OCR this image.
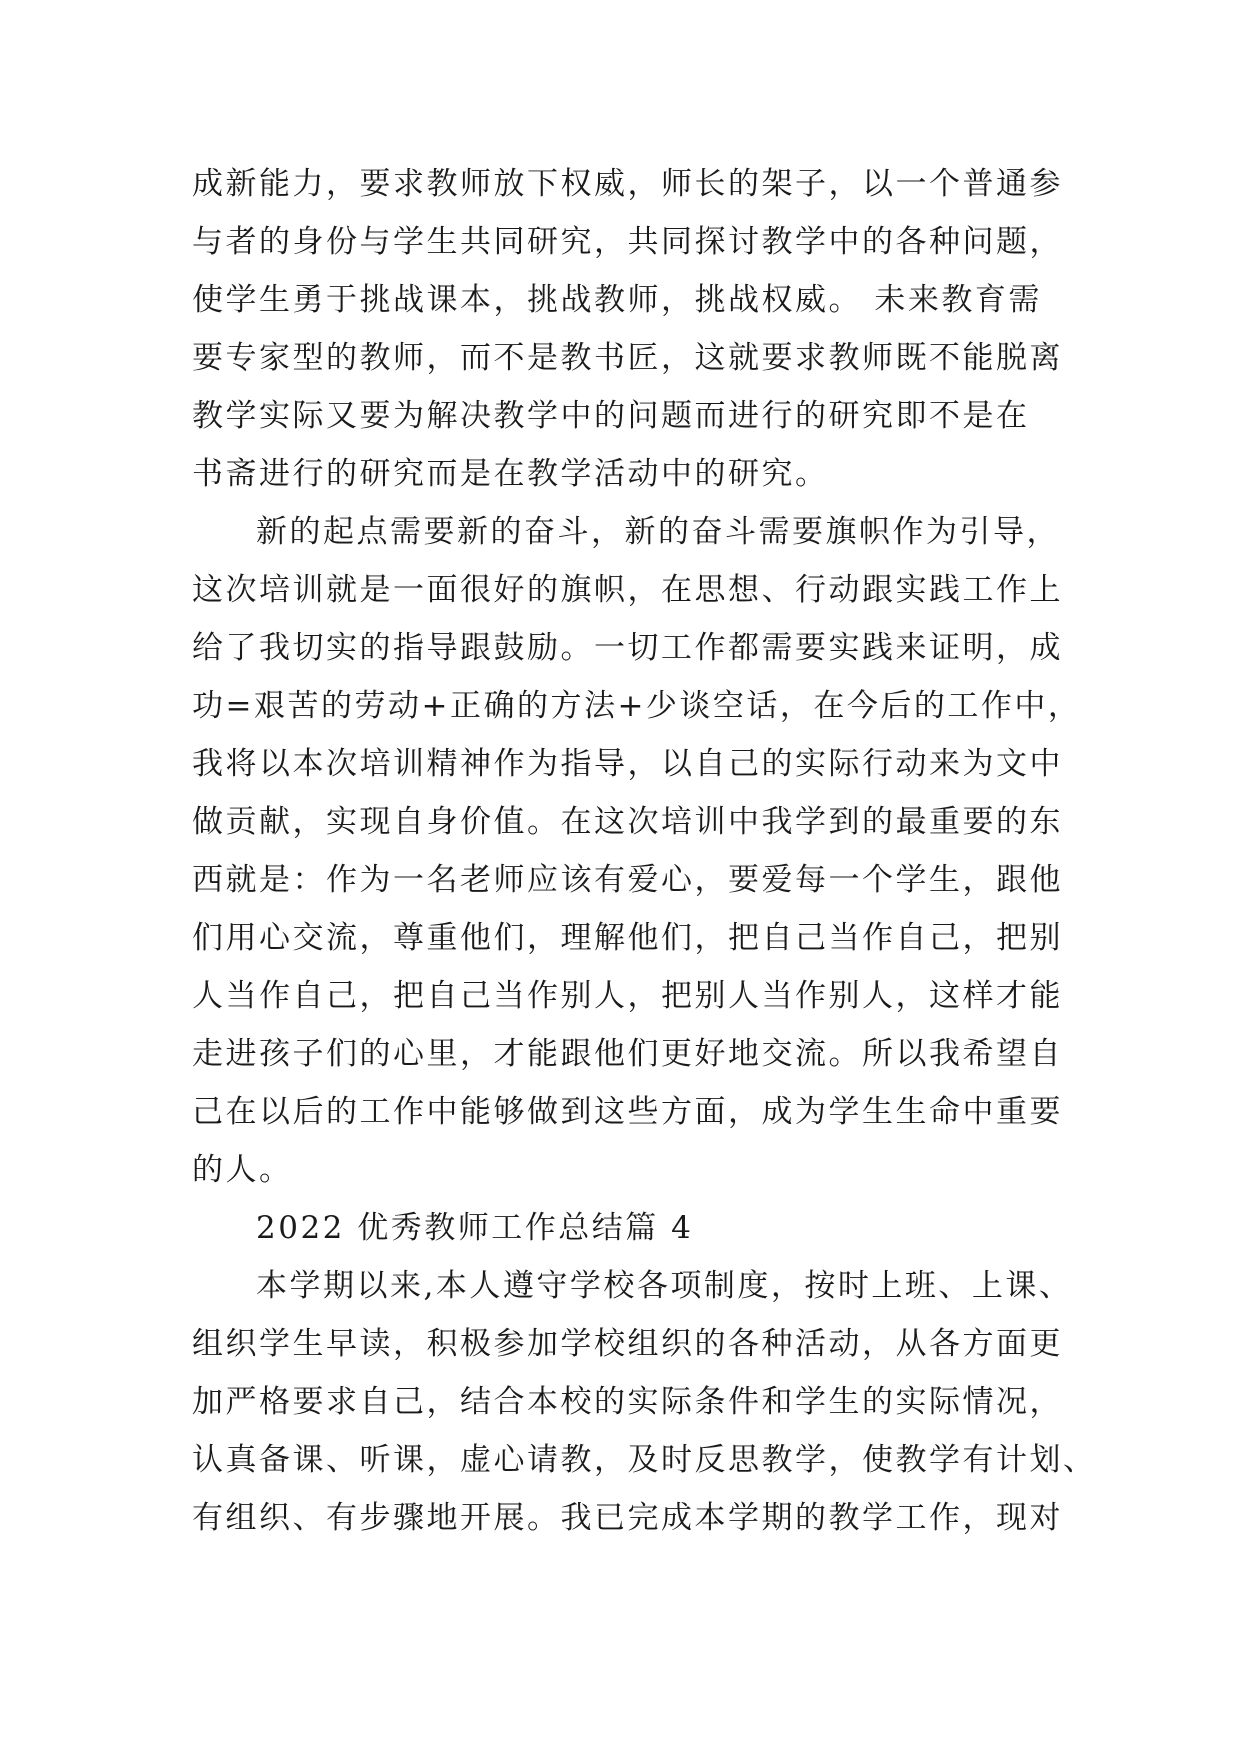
成新能力，要求教师放下权威，师长的架子，以一个普通参
与者的身份与学生共同研究，共同探讨教学中的各种问题，
使学生勇于挑战课本，挑战教师，挑战权威。 未来教育需
要专家型的教师，而不是教书匠，这就要求教师既不能脱离
教学实际又要为解决教学中的问题而进行的研究即不是在
书斋进行的研究而是在教学活动中的研究。
新的起点需要新的奋斗，新的奋斗需要旗帜作为引导，
这次培训就是一面很好的旗帜，在思想、行动跟实践工作上
给了我切实的指导跟鼓励。一切工作都需要实践来证明，成
功=艰苦的劳动+正确的方法+少谈空话，在今后的工作中，
我将以本次培训精神作为指导，以自己的实际行动来为文中
做贡献，实现自身价值。在这次培训中我学到的最重要的东
西就是：作为一名老师应该有爱心，要爱每一个学生，跟他
们用心交流，尊重他们，理解他们，把自己当作自己，把别
人当作自己，把自己当作别人，把别人当作别人，这样才能
走进孩子们的心里，才能跟他们更好地交流。所以我希望自
己在以后的工作中能够做到这些方面，成为学生生命中重要
的人。
2022 优秀教师工作总结篇 4
本学期以来,本人遵守学校各项制度，按时上班、上课、
组织学生早读，积极参加学校组织的各种活动，从各方面更
加严格要求自己，结合本校的实际条件和学生的实际情况，
认真备课、听课，虚心请教，及时反思教学，使教学有计划、
有组织、有步骤地开展。我已完成本学期的教学工作，现对
